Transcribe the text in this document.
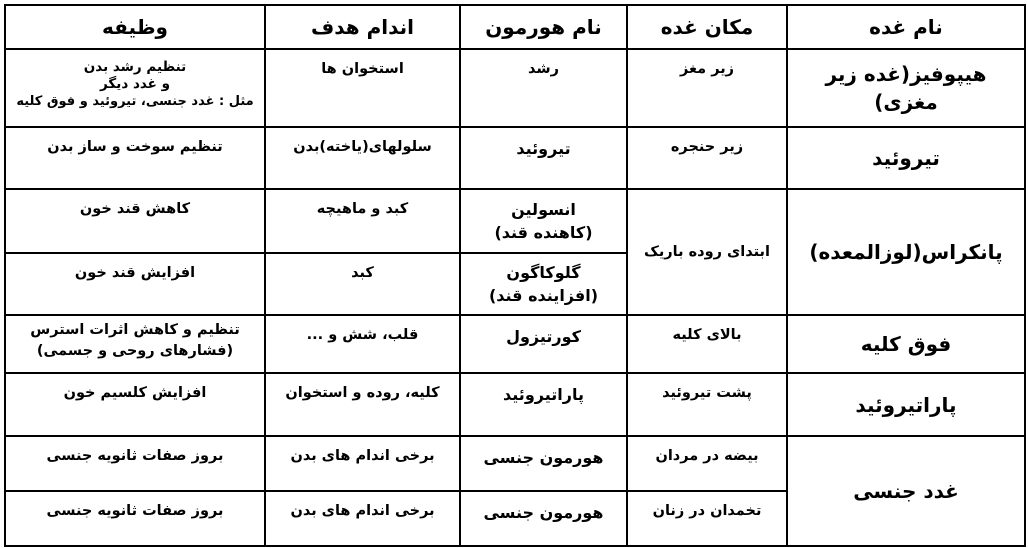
نام غده	مکان غده	نام هورمون	اندام هدف	وظیفه
هیپوفیز(غده زیر مغزی)	زیر مغز	رشد	استخوان ها	تنظیم رشد بدن
و غدد دیگر
مثل : غدد جنسی، تیروئید و فوق کلیه

تیروئید	زیر حنجره	تیروئید	سلولهای(یاخته)بدن	تنظیم سوخت و ساز بدن

پانکراس(لوزالمعده)	ابتدای روده باریک	انسولین
(کاهنده قند)	کبد و ماهیچه	کاهش قند خون

		گلوکاگون
(افزاینده قند)	کبد	افزایش قند خون

فوق کلیه	بالای کلیه	کورتیزول	قلب، شش و ...	تنظیم و کاهش اثرات استرس
(فشارهای روحی و جسمی)

پاراتیروئید	پشت تیروئید	پاراتیروئید	کلیه، روده و استخوان	افزایش کلسیم خون

غدد جنسی	بیضه در مردان	هورمون جنسی	برخی اندام های بدن	بروز صفات ثانویه جنسی

	تخمدان در زنان	هورمون جنسی	برخی اندام های بدن	بروز صفات ثانویه جنسی
